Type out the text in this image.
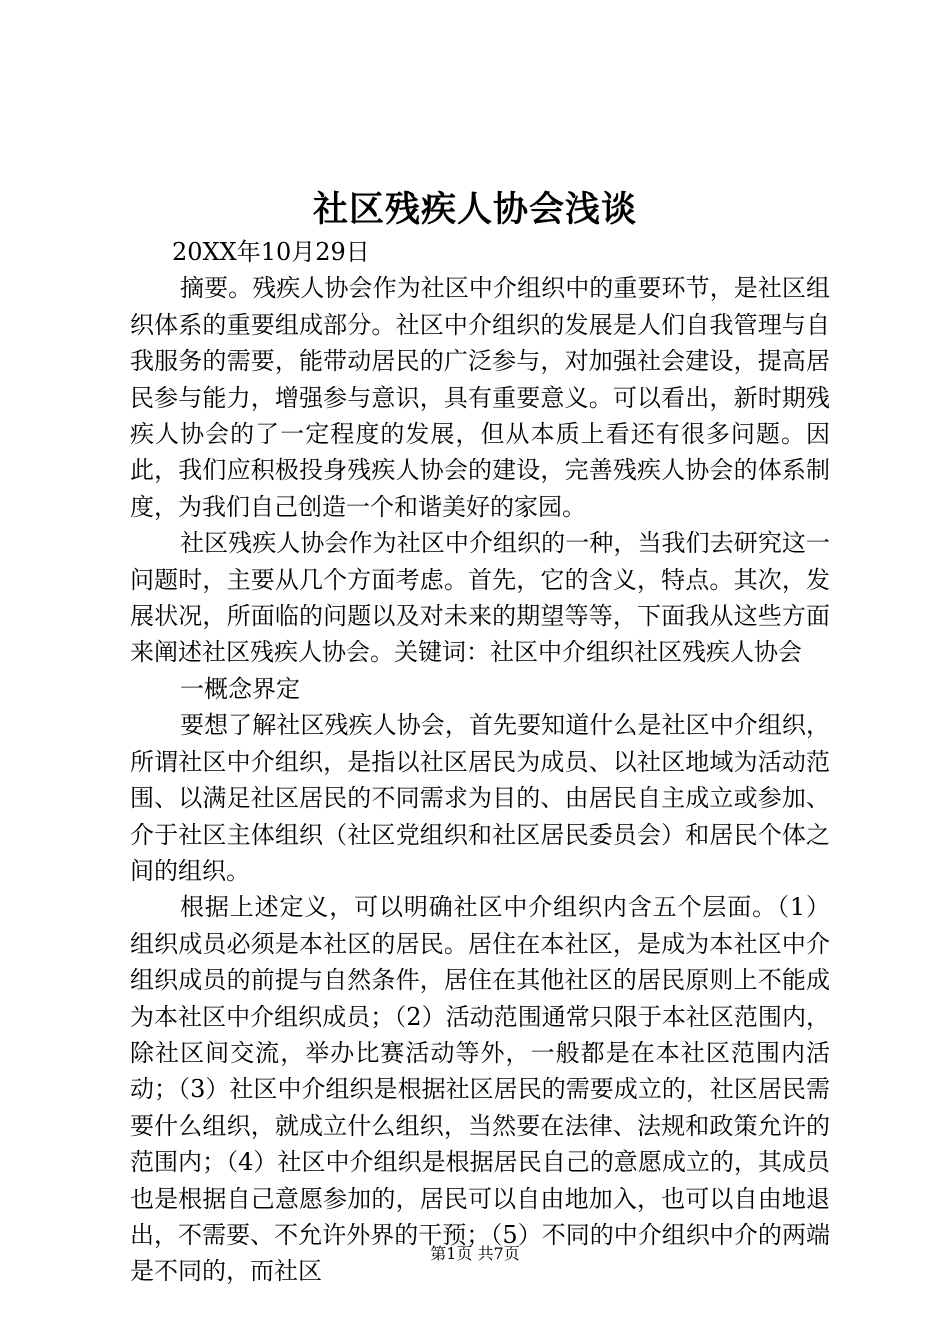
社区残疾人协会浅谈

20XX年10月29日

摘要。残疾人协会作为社区中介组织中的重要环节，是社区组织体系的重要组成部分。社区中介组织的发展是人们自我管理与自我服务的需要，能带动居民的广泛参与，对加强社会建设，提高居民参与能力，增强参与意识，具有重要意义。可以看出，新时期残疾人协会的了一定程度的发展，但从本质上看还有很多问题。因此，我们应积极投身残疾人协会的建设，完善残疾人协会的体系制度，为我们自己创造一个和谐美好的家园。

社区残疾人协会作为社区中介组织的一种，当我们去研究这一问题时，主要从几个方面考虑。首先，它的含义，特点。其次，发展状况，所面临的问题以及对未来的期望等等，下面我从这些方面来阐述社区残疾人协会。关键词：社区中介组织社区残疾人协会

一概念界定

要想了解社区残疾人协会，首先要知道什么是社区中介组织，所谓社区中介组织，是指以社区居民为成员、以社区地域为活动范围、以满足社区居民的不同需求为目的、由居民自主成立或参加、介于社区主体组织（社区党组织和社区居民委员会）和居民个体之间的组织。

根据上述定义，可以明确社区中介组织内含五个层面。（1）组织成员必须是本社区的居民。居住在本社区，是成为本社区中介组织成员的前提与自然条件，居住在其他社区的居民原则上不能成为本社区中介组织成员；（2）活动范围通常只限于本社区范围内，除社区间交流，举办比赛活动等外，一般都是在本社区范围内活动；（3）社区中介组织是根据社区居民的需要成立的，社区居民需要什么组织，就成立什么组织，当然要在法律、法规和政策允许的范围内；（4）社区中介组织是根据居民自己的意愿成立的，其成员也是根据自己意愿参加的，居民可以自由地加入，也可以自由地退出，不需要、不允许外界的干预；（5）不同的中介组织中介的两端是不同的，而社区

第1页 共7页
